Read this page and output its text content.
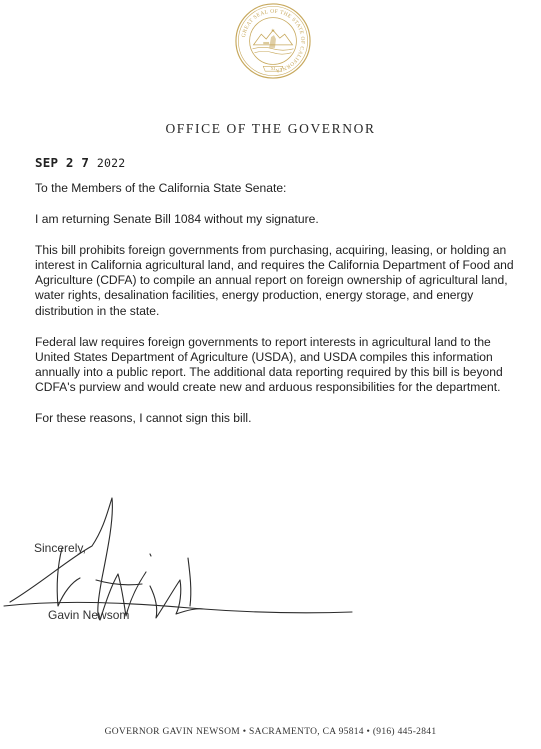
GREAT SEAL OF THE STATE OF CALIFORNIA
★
XI
OFFICE OF THE GOVERNOR
SEP 2 7 2022

To the Members of the California State Senate:

I am returning Senate Bill 1084 without my signature.

This bill prohibits foreign governments from purchasing, acquiring, leasing, or holding an interest in California agricultural land, and requires the California Department of Food and Agriculture (CDFA) to compile an annual report on foreign ownership of agricultural land, water rights, desalination facilities, energy production, energy storage, and energy distribution in the state.

Federal law requires foreign governments to report interests in agricultural land to the United States Department of Agriculture (USDA), and USDA compiles this information annually into a public report. The additional data reporting required by this bill is beyond CDFA's purview and would create new and arduous responsibilities for the department.

For these reasons, I cannot sign this bill.

Sincerely,
Gavin Newsom
GOVERNOR GAVIN NEWSOM • SACRAMENTO, CA 95814 • (916) 445-2841
